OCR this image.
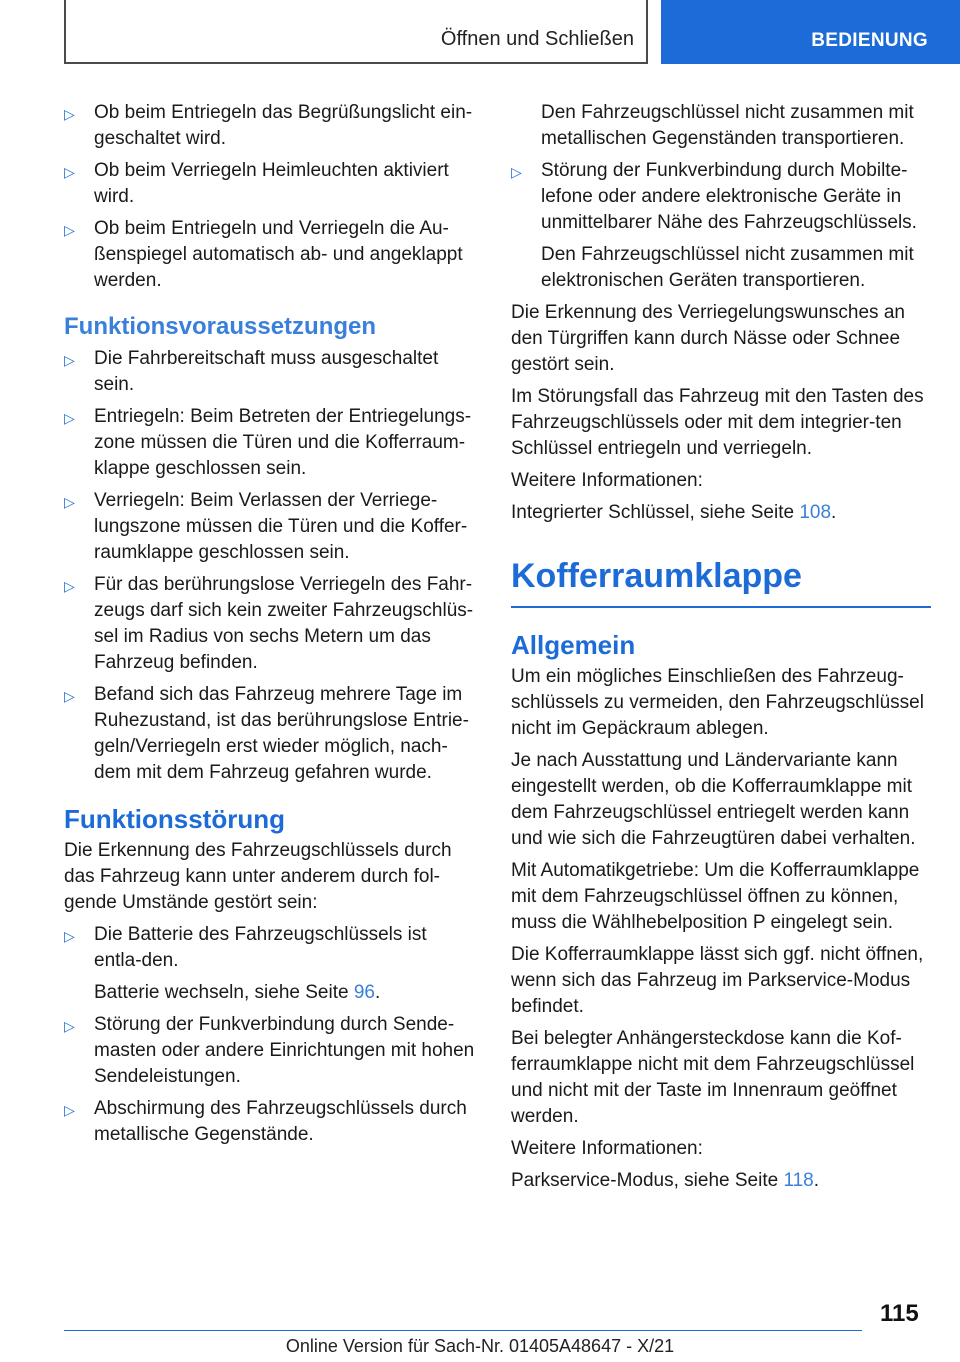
Öffnen und Schließen	BEDIENUNG
▷ Ob beim Entriegeln das Begrüßungslicht ein-geschaltet wird.
▷ Ob beim Verriegeln Heimleuchten aktiviert wird.
▷ Ob beim Entriegeln und Verriegeln die Au-ßenspiegel automatisch ab- und angeklappt werden.
Funktionsvoraussetzungen
▷ Die Fahrbereitschaft muss ausgeschaltet sein.
▷ Entriegeln: Beim Betreten der Entriegelungs-zone müssen die Türen und die Kofferraum-klappe geschlossen sein.
▷ Verriegeln: Beim Verlassen der Verriege-lungszone müssen die Türen und die Koffer-raumklappe geschlossen sein.
▷ Für das berührungslose Verriegeln des Fahr-zeugs darf sich kein zweiter Fahrzeugschlüs-sel im Radius von sechs Metern um das Fahrzeug befinden.
▷ Befand sich das Fahrzeug mehrere Tage im Ruhezustand, ist das berührungslose Entrie-geln/Verriegeln erst wieder möglich, nach-dem mit dem Fahrzeug gefahren wurde.
Funktionsstörung

Die Erkennung des Fahrzeugschlüssels durch das Fahrzeug kann unter anderem durch fol-gende Umstände gestört sein:

▷ Die Batterie des Fahrzeugschlüssels ist entla-den.
Batterie wechseln, siehe Seite 96.
▷ Störung der Funkverbindung durch Sende-masten oder andere Einrichtungen mit hohen Sendeleistungen.
▷ Abschirmung des Fahrzeugschlüssels durch metallische Gegenstände.
Den Fahrzeugschlüssel nicht zusammen mit metallischen Gegenständen transportieren.
▷ Störung der Funkverbindung durch Mobilte-lefone oder andere elektronische Geräte in unmittelbarer Nähe des Fahrzeugschlüssels.
Den Fahrzeugschlüssel nicht zusammen mit elektronischen Geräten transportieren.

Die Erkennung des Verriegelungswunsches an den Türgriffen kann durch Nässe oder Schnee gestört sein.

Im Störungsfall das Fahrzeug mit den Tasten des Fahrzeugschlüssels oder mit dem integrier-ten Schlüssel entriegeln und verriegeln.

Weitere Informationen:

Integrierter Schlüssel, siehe Seite 108.

Kofferraumklappe
Allgemein

Um ein mögliches Einschließen des Fahrzeug-schlüssels zu vermeiden, den Fahrzeugschlüssel nicht im Gepäckraum ablegen.

Je nach Ausstattung und Ländervariante kann eingestellt werden, ob die Kofferraumklappe mit dem Fahrzeugschlüssel entriegelt werden kann und wie sich die Fahrzeugtüren dabei verhalten.

Mit Automatikgetriebe: Um die Kofferraumklappe mit dem Fahrzeugschlüssel öffnen zu können, muss die Wählhebelposition P eingelegt sein.

Die Kofferraumklappe lässt sich ggf. nicht öffnen, wenn sich das Fahrzeug im Parkservice-Modus befindet.

Bei belegter Anhängersteckdose kann die Kof-ferraumklappe nicht mit dem Fahrzeugschlüssel und nicht mit der Taste im Innenraum geöffnet werden.

Weitere Informationen:

Parkservice-Modus, siehe Seite 118.

115
Online Version für Sach-Nr. 01405A48647 - X/21
